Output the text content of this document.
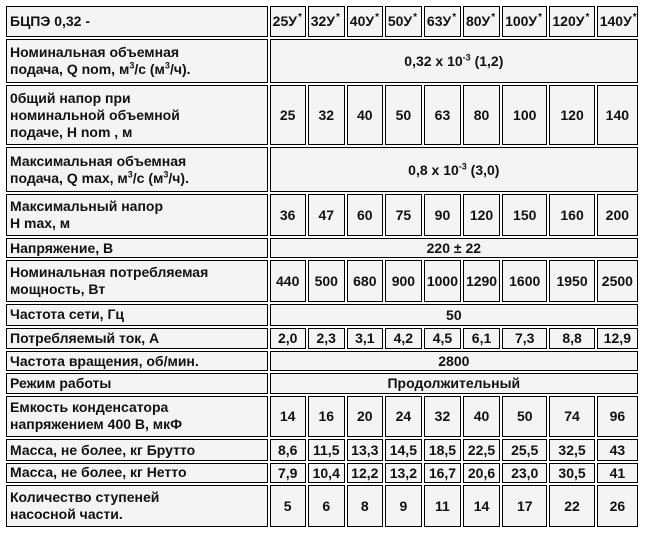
БЦПЭ 0,32 -	25У*	32У*	40У*	50У*	63У*	80У*	100У*	120У*	140У*
Номинальная объемная
подача, Q nom, $м^3/с$ $(м^3/ч)$.	0,32 х $10^{-3}$ (1,2)								
0бщий напор при
номинальной объемной
подаче, H nom , м	25	32	40	50	63	80	100	120	140
Максимальная объемная
подача, Q max, $м^3/с$ $(м^3/ч)$.	0,8 х $10^{-3}$ (3,0)								
Максимальный напор
H max, м	36	47	60	75	90	120	150	160	200
Напряжение, В	220 ± 22								
Номинальная потребляемая
мощность, Вт	440	500	680	900	1000	1290	1600	1950	2500
Частота сети, Гц	50								
Потребляемый ток, А	2,0	2,3	3,1	4,2	4,5	6,1	7,3	8,8	12,9
Частота вращения, об/мин.	2800								
Режим работы	Продолжительный								
Емкость конденсатора
напряжением 400 В, мкФ	14	16	20	24	32	40	50	74	96
Масса, не более, кг Брутто	8,6	11,5	13,3	14,5	18,5	22,5	25,5	32,5	43
Масса, не более, кг Нетто	7,9	10,4	12,2	13,2	16,7	20,6	23,0	30,5	41
Количество ступеней
насосной части.	5	6	8	9	11	14	17	22	26
